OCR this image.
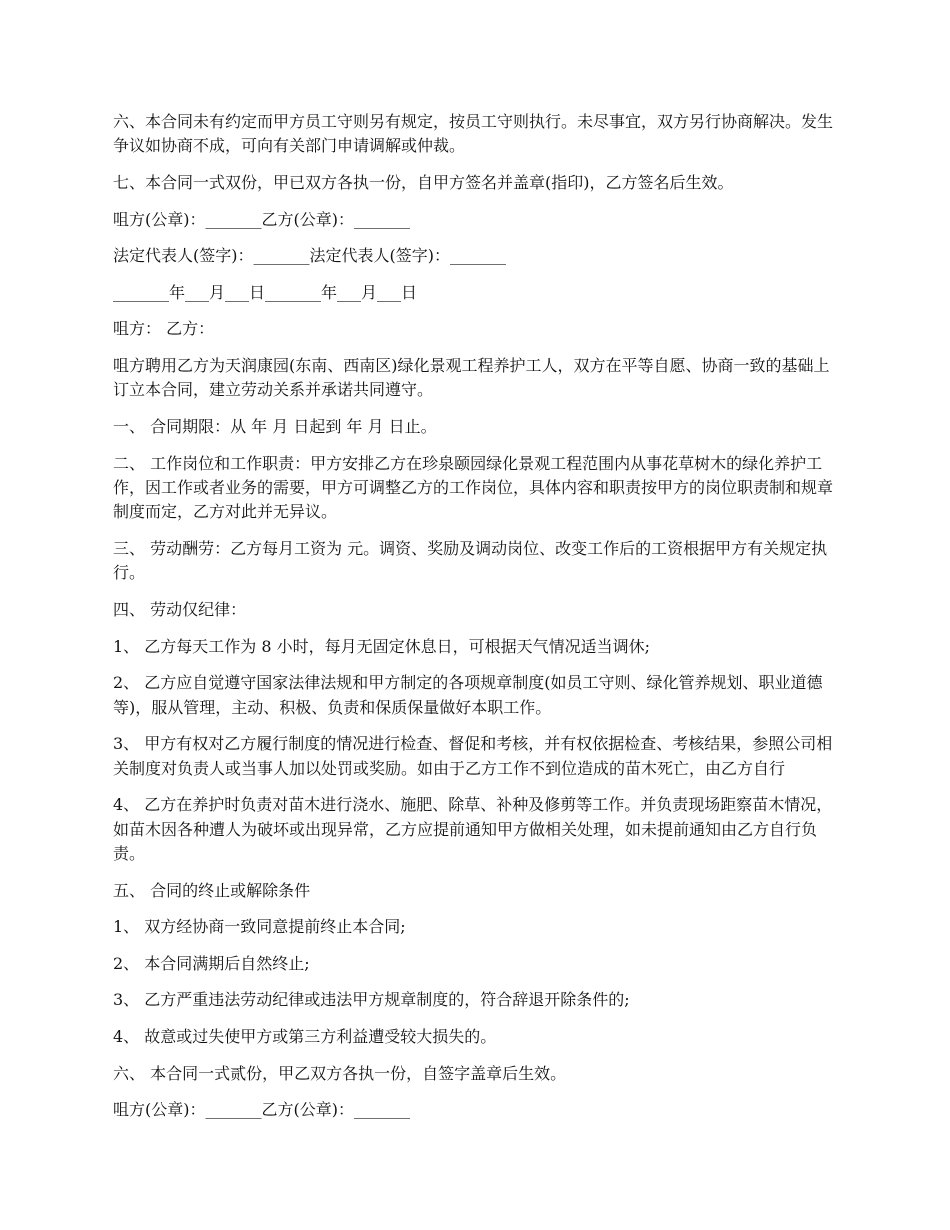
六、本合同未有约定而甲方员工守则另有规定，按员工守则执行。未尽事宜，双方另行协商解决。发生争议如协商不成，可向有关部门申请调解或仲裁。

七、本合同一式双份，甲已双方各执一份，自甲方签名并盖章(指印)，乙方签名后生效。

咀方(公章)：_______乙方(公章)：_______

法定代表人(签字)：_______法定代表人(签字)：_______

_______年___月___日_______年___月___日

咀方： 乙方：

咀方聘用乙方为天润康园(东南、西南区)绿化景观工程养护工人，双方在平等自愿、协商一致的基础上订立本合同，建立劳动关系并承诺共同遵守。

一、 合同期限：从 年 月 日起到 年 月 日止。

二、 工作岗位和工作职责：甲方安排乙方在珍泉颐园绿化景观工程范围内从事花草树木的绿化养护工作，因工作或者业务的需要，甲方可调整乙方的工作岗位，具体内容和职责按甲方的岗位职责制和规章制度而定，乙方对此并无异议。

三、 劳动酬劳：乙方每月工资为 元。调资、奖励及调动岗位、改变工作后的工资根据甲方有关规定执行。

四、 劳动仅纪律：

1、 乙方每天工作为 8 小时，每月无固定休息日，可根据天气情况适当调休;

2、 乙方应自觉遵守国家法律法规和甲方制定的各项规章制度(如员工守则、绿化管养规划、职业道德等)，服从管理，主动、积极、负责和保质保量做好本职工作。

3、 甲方有权对乙方履行制度的情况进行检查、督促和考核，并有权依据检查、考核结果，参照公司相关制度对负责人或当事人加以处罚或奖励。如由于乙方工作不到位造成的苗木死亡，由乙方自行

4、 乙方在养护时负责对苗木进行浇水、施肥、除草、补种及修剪等工作。并负责现场距察苗木情况，如苗木因各种遭人为破坏或出现异常，乙方应提前通知甲方做相关处理，如未提前通知由乙方自行负责。

五、 合同的终止或解除条件

1、 双方经协商一致同意提前终止本合同;

2、 本合同满期后自然终止;

3、 乙方严重违法劳动纪律或违法甲方规章制度的，符合辞退开除条件的;

4、 故意或过失使甲方或第三方利益遭受较大损失的。

六、 本合同一式贰份，甲乙双方各执一份，自签字盖章后生效。

咀方(公章)：_______乙方(公章)：_______
